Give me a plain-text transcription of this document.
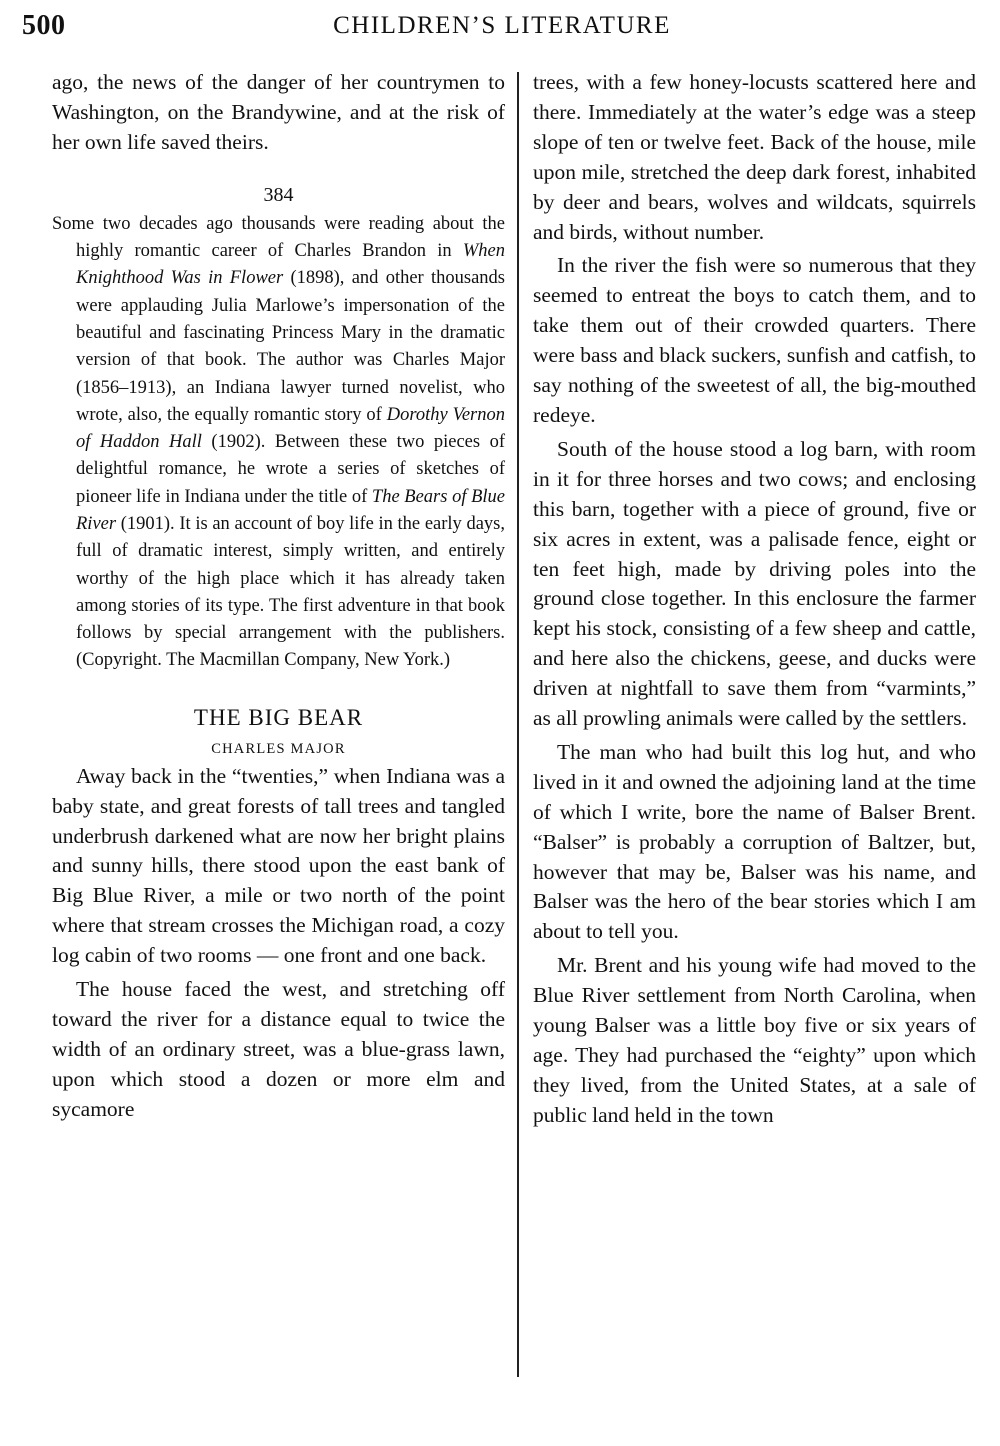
500	CHILDREN’S LITERATURE

ago, the news of the danger of her countrymen to Washington, on the Brandywine, and at the risk of her own life saved theirs.

384

Some two decades ago thousands were reading about the highly romantic career of Charles Brandon in When Knighthood Was in Flower (1898), and other thousands were applauding Julia Marlowe’s impersonation of the beautiful and fascinating Princess Mary in the dramatic version of that book. The author was Charles Major (1856–1913), an Indiana lawyer turned novelist, who wrote, also, the equally romantic story of Dorothy Vernon of Haddon Hall (1902). Between these two pieces of delightful romance, he wrote a series of sketches of pioneer life in Indiana under the title of The Bears of Blue River (1901). It is an account of boy life in the early days, full of dramatic interest, simply written, and entirely worthy of the high place which it has already taken among stories of its type. The first adventure in that book follows by special arrangement with the publishers. (Copyright. The Macmillan Company, New York.)

THE BIG BEAR
CHARLES MAJOR

Away back in the “twenties,” when Indiana was a baby state, and great forests of tall trees and tangled underbrush darkened what are now her bright plains and sunny hills, there stood upon the east bank of Big Blue River, a mile or two north of the point where that stream crosses the Michigan road, a cozy log cabin of two rooms — one front and one back.

The house faced the west, and stretching off toward the river for a distance equal to twice the width of an ordinary street, was a blue-grass lawn, upon which stood a dozen or more elm and sycamore

trees, with a few honey-locusts scattered here and there. Immediately at the water’s edge was a steep slope of ten or twelve feet. Back of the house, mile upon mile, stretched the deep dark forest, inhabited by deer and bears, wolves and wildcats, squirrels and birds, without number.

In the river the fish were so numerous that they seemed to entreat the boys to catch them, and to take them out of their crowded quarters. There were bass and black suckers, sunfish and catfish, to say nothing of the sweetest of all, the big-mouthed redeye.

South of the house stood a log barn, with room in it for three horses and two cows; and enclosing this barn, together with a piece of ground, five or six acres in extent, was a palisade fence, eight or ten feet high, made by driving poles into the ground close together. In this enclosure the farmer kept his stock, consisting of a few sheep and cattle, and here also the chickens, geese, and ducks were driven at nightfall to save them from “varmints,” as all prowling animals were called by the settlers.

The man who had built this log hut, and who lived in it and owned the adjoining land at the time of which I write, bore the name of Balser Brent. “Balser” is probably a corruption of Baltzer, but, however that may be, Balser was his name, and Balser was the hero of the bear stories which I am about to tell you.

Mr. Brent and his young wife had moved to the Blue River settlement from North Carolina, when young Balser was a little boy five or six years of age. They had purchased the “eighty” upon which they lived, from the United States, at a sale of public land held in the town
